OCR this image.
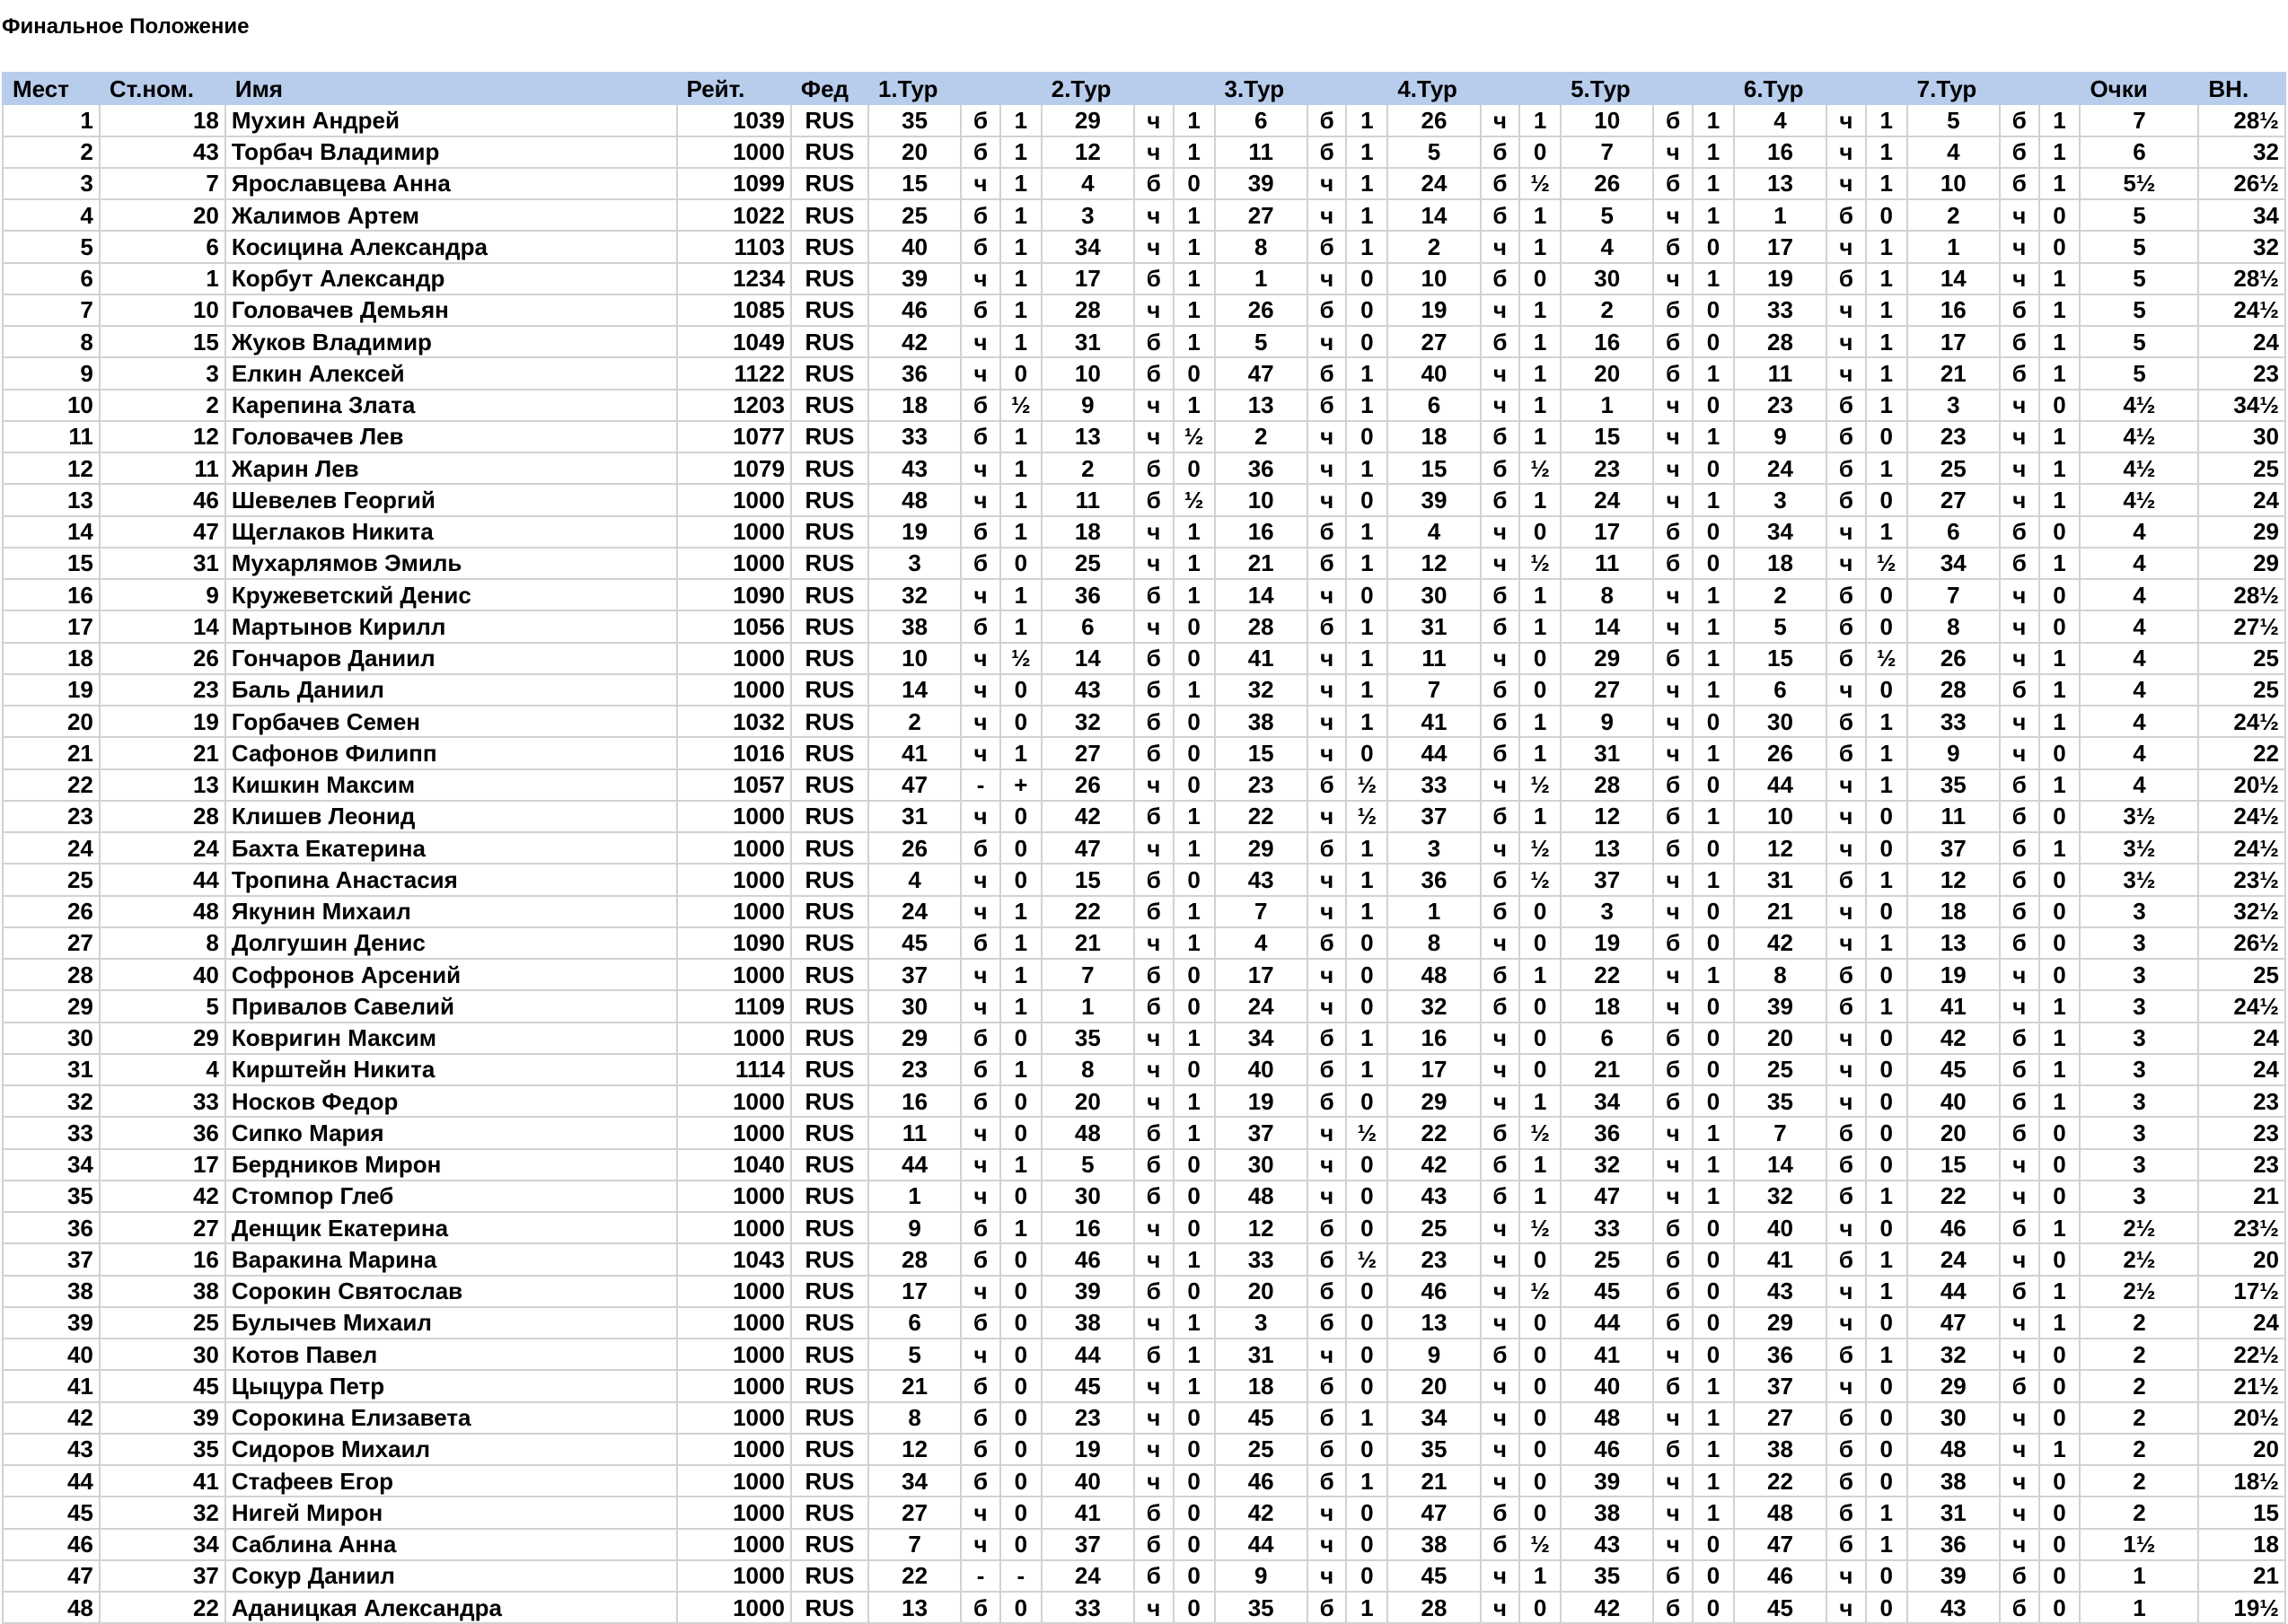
Финальное Положение
Мест	Ст.ном.	Имя	Рейт.	Фед	1.Тур			2.Тур			3.Тур			4.Тур			5.Тур			6.Тур			7.Тур			Очки	ВН.
1	18	Мухин Андрей	1039	RUS	35	б	1	29	ч	1	6	б	1	26	ч	1	10	б	1	4	ч	1	5	б	1	7	28½
2	43	Торбач Владимир	1000	RUS	20	б	1	12	ч	1	11	б	1	5	б	0	7	ч	1	16	ч	1	4	б	1	6	32
3	7	Ярославцева Анна	1099	RUS	15	ч	1	4	б	0	39	ч	1	24	б	½	26	б	1	13	ч	1	10	б	1	5½	26½
4	20	Жалимов Артем	1022	RUS	25	б	1	3	ч	1	27	ч	1	14	б	1	5	ч	1	1	б	0	2	ч	0	5	34
5	6	Косицина Александра	1103	RUS	40	б	1	34	ч	1	8	б	1	2	ч	1	4	б	0	17	ч	1	1	ч	0	5	32
6	1	Корбут Александр	1234	RUS	39	ч	1	17	б	1	1	ч	0	10	б	0	30	ч	1	19	б	1	14	ч	1	5	28½
7	10	Головачев Демьян	1085	RUS	46	б	1	28	ч	1	26	б	0	19	ч	1	2	б	0	33	ч	1	16	б	1	5	24½
8	15	Жуков Владимир	1049	RUS	42	ч	1	31	б	1	5	ч	0	27	б	1	16	б	0	28	ч	1	17	б	1	5	24
9	3	Елкин Алексей	1122	RUS	36	ч	0	10	б	0	47	б	1	40	ч	1	20	б	1	11	ч	1	21	б	1	5	23
10	2	Карепина Злата	1203	RUS	18	б	½	9	ч	1	13	б	1	6	ч	1	1	ч	0	23	б	1	3	ч	0	4½	34½
11	12	Головачев Лев	1077	RUS	33	б	1	13	ч	½	2	ч	0	18	б	1	15	ч	1	9	б	0	23	ч	1	4½	30
12	11	Жарин Лев	1079	RUS	43	ч	1	2	б	0	36	ч	1	15	б	½	23	ч	0	24	б	1	25	ч	1	4½	25
13	46	Шевелев Георгий	1000	RUS	48	ч	1	11	б	½	10	ч	0	39	б	1	24	ч	1	3	б	0	27	ч	1	4½	24
14	47	Щеглаков Никита	1000	RUS	19	б	1	18	ч	1	16	б	1	4	ч	0	17	б	0	34	ч	1	6	б	0	4	29
15	31	Мухарлямов Эмиль	1000	RUS	3	б	0	25	ч	1	21	б	1	12	ч	½	11	б	0	18	ч	½	34	б	1	4	29
16	9	Кружеветский Денис	1090	RUS	32	ч	1	36	б	1	14	ч	0	30	б	1	8	ч	1	2	б	0	7	ч	0	4	28½
17	14	Мартынов Кирилл	1056	RUS	38	б	1	6	ч	0	28	б	1	31	б	1	14	ч	1	5	б	0	8	ч	0	4	27½
18	26	Гончаров Даниил	1000	RUS	10	ч	½	14	б	0	41	ч	1	11	ч	0	29	б	1	15	б	½	26	ч	1	4	25
19	23	Баль Даниил	1000	RUS	14	ч	0	43	б	1	32	ч	1	7	б	0	27	ч	1	6	ч	0	28	б	1	4	25
20	19	Горбачев Семен	1032	RUS	2	ч	0	32	б	0	38	ч	1	41	б	1	9	ч	0	30	б	1	33	ч	1	4	24½
21	21	Сафонов Филипп	1016	RUS	41	ч	1	27	б	0	15	ч	0	44	б	1	31	ч	1	26	б	1	9	ч	0	4	22
22	13	Кишкин Максим	1057	RUS	47	-	+	26	ч	0	23	б	½	33	ч	½	28	б	0	44	ч	1	35	б	1	4	20½
23	28	Клишев Леонид	1000	RUS	31	ч	0	42	б	1	22	ч	½	37	б	1	12	б	1	10	ч	0	11	б	0	3½	24½
24	24	Бахта Екатерина	1000	RUS	26	б	0	47	ч	1	29	б	1	3	ч	½	13	б	0	12	ч	0	37	б	1	3½	24½
25	44	Тропина Анастасия	1000	RUS	4	ч	0	15	б	0	43	ч	1	36	б	½	37	ч	1	31	б	1	12	б	0	3½	23½
26	48	Якунин Михаил	1000	RUS	24	ч	1	22	б	1	7	ч	1	1	б	0	3	ч	0	21	ч	0	18	б	0	3	32½
27	8	Долгушин Денис	1090	RUS	45	б	1	21	ч	1	4	б	0	8	ч	0	19	б	0	42	ч	1	13	б	0	3	26½
28	40	Софронов Арсений	1000	RUS	37	ч	1	7	б	0	17	ч	0	48	б	1	22	ч	1	8	б	0	19	ч	0	3	25
29	5	Привалов Савелий	1109	RUS	30	ч	1	1	б	0	24	ч	0	32	б	0	18	ч	0	39	б	1	41	ч	1	3	24½
30	29	Ковригин Максим	1000	RUS	29	б	0	35	ч	1	34	б	1	16	ч	0	6	б	0	20	ч	0	42	б	1	3	24
31	4	Кирштейн Никита	1114	RUS	23	б	1	8	ч	0	40	б	1	17	ч	0	21	б	0	25	ч	0	45	б	1	3	24
32	33	Носков Федор	1000	RUS	16	б	0	20	ч	1	19	б	0	29	ч	1	34	б	0	35	ч	0	40	б	1	3	23
33	36	Сипко Мария	1000	RUS	11	ч	0	48	б	1	37	ч	½	22	б	½	36	ч	1	7	б	0	20	б	0	3	23
34	17	Бердников Мирон	1040	RUS	44	ч	1	5	б	0	30	ч	0	42	б	1	32	ч	1	14	б	0	15	ч	0	3	23
35	42	Стомпор Глеб	1000	RUS	1	ч	0	30	б	0	48	ч	0	43	б	1	47	ч	1	32	б	1	22	ч	0	3	21
36	27	Денщик Екатерина	1000	RUS	9	б	1	16	ч	0	12	б	0	25	ч	½	33	б	0	40	ч	0	46	б	1	2½	23½
37	16	Варакина Марина	1043	RUS	28	б	0	46	ч	1	33	б	½	23	ч	0	25	б	0	41	б	1	24	ч	0	2½	20
38	38	Сорокин Святослав	1000	RUS	17	ч	0	39	б	0	20	б	0	46	ч	½	45	б	0	43	ч	1	44	б	1	2½	17½
39	25	Булычев Михаил	1000	RUS	6	б	0	38	ч	1	3	б	0	13	ч	0	44	б	0	29	ч	0	47	ч	1	2	24
40	30	Котов Павел	1000	RUS	5	ч	0	44	б	1	31	ч	0	9	б	0	41	ч	0	36	б	1	32	ч	0	2	22½
41	45	Цыцура Петр	1000	RUS	21	б	0	45	ч	1	18	б	0	20	ч	0	40	б	1	37	ч	0	29	б	0	2	21½
42	39	Сорокина Елизавета	1000	RUS	8	б	0	23	ч	0	45	б	1	34	ч	0	48	ч	1	27	б	0	30	ч	0	2	20½
43	35	Сидоров Михаил	1000	RUS	12	б	0	19	ч	0	25	б	0	35	ч	0	46	б	1	38	б	0	48	ч	1	2	20
44	41	Стафеев Егор	1000	RUS	34	б	0	40	ч	0	46	б	1	21	ч	0	39	ч	1	22	б	0	38	ч	0	2	18½
45	32	Нигей Мирон	1000	RUS	27	ч	0	41	б	0	42	ч	0	47	б	0	38	ч	1	48	б	1	31	ч	0	2	15
46	34	Саблина Анна	1000	RUS	7	ч	0	37	б	0	44	ч	0	38	б	½	43	ч	0	47	б	1	36	ч	0	1½	18
47	37	Сокур Даниил	1000	RUS	22	-	-	24	б	0	9	ч	0	45	ч	1	35	б	0	46	ч	0	39	б	0	1	21
48	22	Аданицкая Александра	1000	RUS	13	б	0	33	ч	0	35	б	1	28	ч	0	42	б	0	45	ч	0	43	б	0	1	19½
